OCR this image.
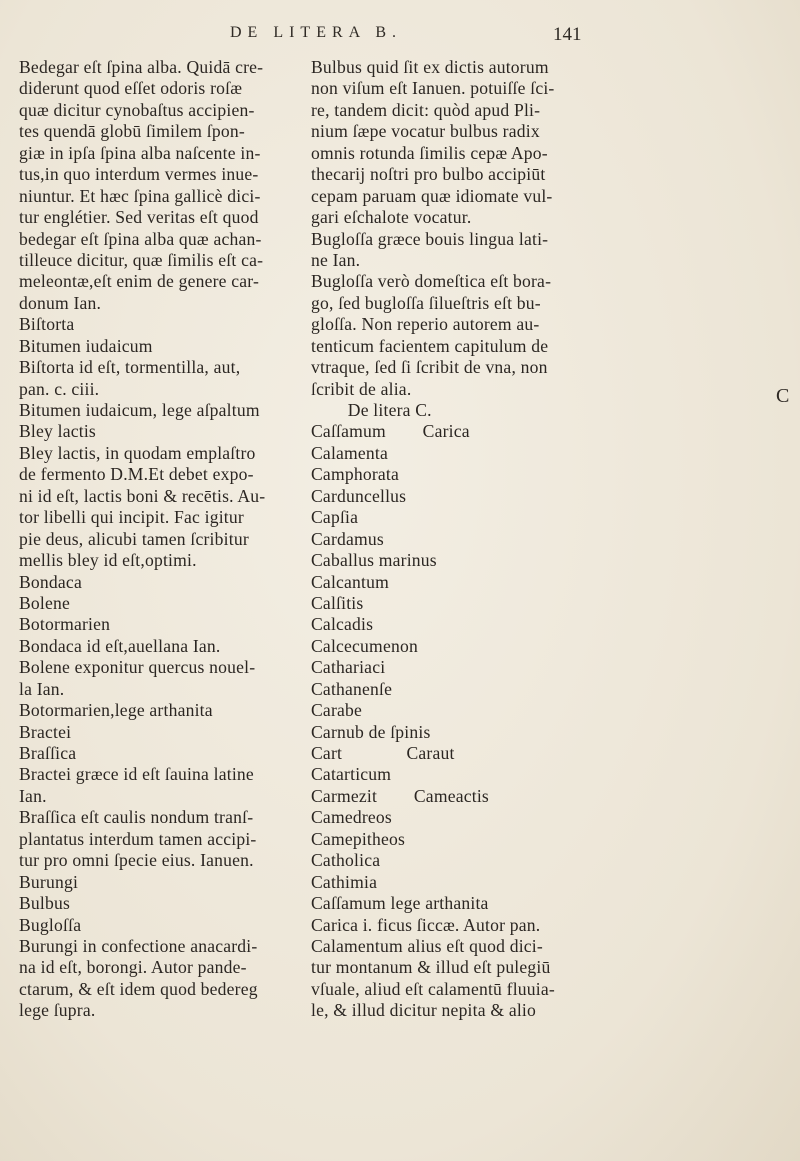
DE LITERA B.	141
Bedegar eſt ſpina alba. Quidā cre-
diderunt quod eſſet odoris roſæ
quæ dicitur cynobaſtus accipien-
tes quendā globū ſimilem ſpon-
giæ in ipſa ſpina alba naſcente in-
tus,in quo interdum vermes inue-
niuntur. Et hæc ſpina gallicè dici-
tur englétier. Sed veritas eſt quod
bedegar eſt ſpina alba quæ achan-
tilleuce dicitur, quæ ſimilis eſt ca-
meleontæ,eſt enim de genere car-
donum Ian.
Biſtorta
Bitumen iudaicum
Biſtorta id eſt, tormentilla, aut,
pan. c. ciii.
Bitumen iudaicum, lege aſpaltum
Bley lactis
Bley lactis, in quodam emplaſtro
de fermento D.M.Et debet expo-
ni id eſt, lactis boni & recētis. Au-
tor libelli qui incipit. Fac igitur
pie deus, alicubi tamen ſcribitur
mellis bley id eſt,optimi.
Bondaca
Bolene
Botormarien
Bondaca id eſt,auellana Ian.
Bolene exponitur quercus nouel-
la Ian.
Botormarien,lege arthanita
Bractei
Braſſica
Bractei græce id eſt ſauina latine
Ian.
Braſſica eſt caulis nondum tranſ-
plantatus interdum tamen accipi-
tur pro omni ſpecie eius. Ianuen.
Burungi
Bulbus
Bugloſſa
Burungi in confectione anacardi-
na id eſt, borongi. Autor pande-
ctarum, & eſt idem quod bedereg
lege ſupra.
Bulbus quid ſit ex dictis autorum
non viſum eſt Ianuen. potuiſſe ſci-
re, tandem dicit: quòd apud Pli-
nium ſæpe vocatur bulbus radix
omnis rotunda ſimilis cepæ Apo-
thecarij noſtri pro bulbo accipiūt
cepam paruam quæ idiomate vul-
gari eſchalote vocatur.
Bugloſſa græce bouis lingua lati-
ne Ian.
Bugloſſa verò domeſtica eſt bora-
go, ſed bugloſſa ſilueſtris eſt bu-
gloſſa. Non reperio autorem au-
tenticum facientem capitulum de
vtraque, ſed ſi ſcribit de vna, non
ſcribit de alia.
De litera C.
Caſſamum        Carica
Calamenta
Camphorata
Carduncellus
Capſia
Cardamus
Caballus marinus
Calcantum
Calſitis
Calcadis
Calcecumenon
Cathariaci
Cathanenſe
Carabe
Carnub de ſpinis
Cart              Caraut
Catarticum
Carmezit        Cameactis
Camedreos
Camepitheos
Catholica
Cathimia
Caſſamum lege arthanita
Carica i. ficus ſiccæ. Autor pan.
Calamentum alius eſt quod dici-
tur montanum & illud eſt pulegiū
vſuale, aliud eſt calamentū fluuia-
le, & illud dicitur nepita & alio
C
